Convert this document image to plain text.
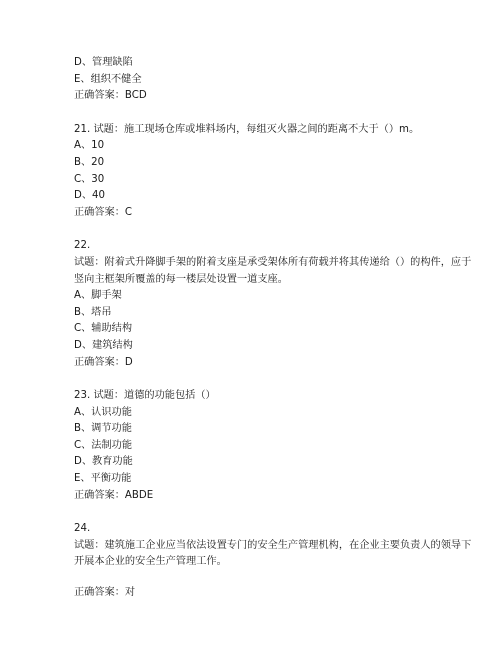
D、管理缺陷
E、组织不健全
正确答案：BCD
21. 试题：施工现场仓库或堆料场内，每组灭火器之间的距离不大于（）m。
A、10
B、20
C、30
D、40
正确答案：C
22.
试题：附着式升降脚手架的附着支座是承受架体所有荷载并将其传递给（）的构件，应于
竖向主框架所覆盖的每一楼层处设置一道支座。
A、脚手架
B、塔吊
C、辅助结构
D、建筑结构
正确答案：D
23. 试题：道德的功能包括（）
A、认识功能
B、调节功能
C、法制功能
D、教育功能
E、平衡功能
正确答案：ABDE
24.
试题：建筑施工企业应当依法设置专门的安全生产管理机构，在企业主要负责人的领导下
开展本企业的安全生产管理工作。
正确答案：对
